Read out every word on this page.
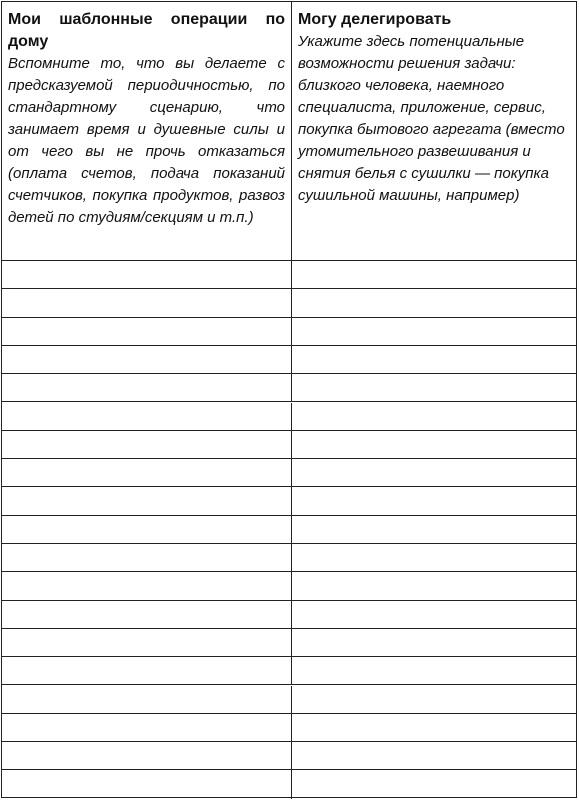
Мои шаблонные операции по дому

Вспомните то, что вы делаете с предсказуемой периодичностью, по стандартному сценарию, что занимает время и душевные силы и от чего вы не прочь отказаться (оплата счетов, подача показаний счетчиков, покупка продуктов, развоз детей по студиям/секциям и т.п.)

Могу делегировать

Укажите здесь потенциальные возможности решения задачи: близкого человека, наемного специалиста, приложение, сервис, покупка бытового агрегата (вместо утомительного развешивания и снятия белья с сушилки — покупка сушильной машины, например)
